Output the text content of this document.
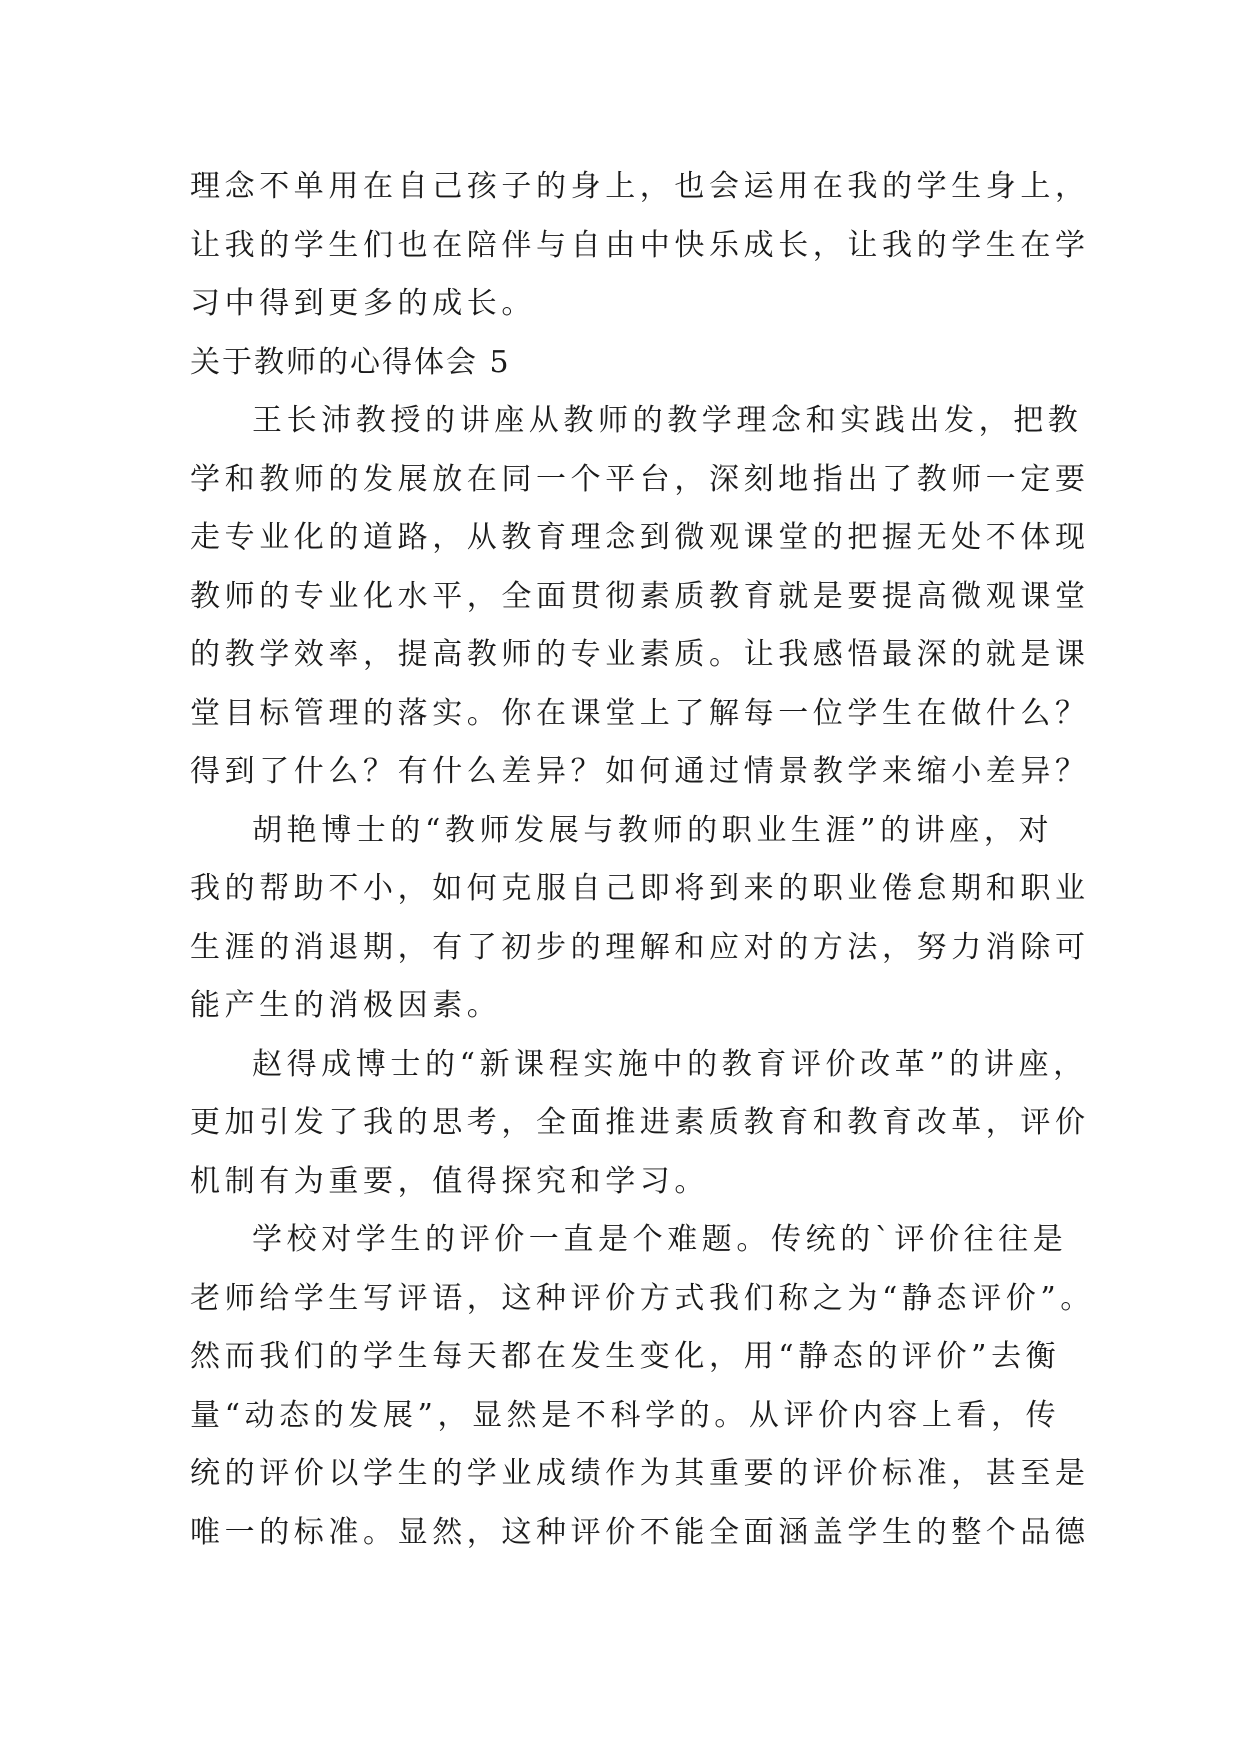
理念不单用在自己孩子的身上，也会运用在我的学生身上，
让我的学生们也在陪伴与自由中快乐成长，让我的学生在学
习中得到更多的成长。
关于教师的心得体会 5
王长沛教授的讲座从教师的教学理念和实践出发，把教
学和教师的发展放在同一个平台，深刻地指出了教师一定要
走专业化的道路，从教育理念到微观课堂的把握无处不体现
教师的专业化水平，全面贯彻素质教育就是要提高微观课堂
的教学效率，提高教师的专业素质。让我感悟最深的就是课
堂目标管理的落实。你在课堂上了解每一位学生在做什么？
得到了什么？有什么差异？如何通过情景教学来缩小差异？
胡艳博士的“教师发展与教师的职业生涯”的讲座，对
我的帮助不小，如何克服自己即将到来的职业倦怠期和职业
生涯的消退期，有了初步的理解和应对的方法，努力消除可
能产生的消极因素。
赵得成博士的“新课程实施中的教育评价改革”的讲座，
更加引发了我的思考，全面推进素质教育和教育改革，评价
机制有为重要，值得探究和学习。
学校对学生的评价一直是个难题。传统的`评价往往是
老师给学生写评语，这种评价方式我们称之为“静态评价”。
然而我们的学生每天都在发生变化，用“静态的评价”去衡
量“动态的发展”，显然是不科学的。从评价内容上看，传
统的评价以学生的学业成绩作为其重要的评价标准，甚至是
唯一的标准。显然，这种评价不能全面涵盖学生的整个品德
